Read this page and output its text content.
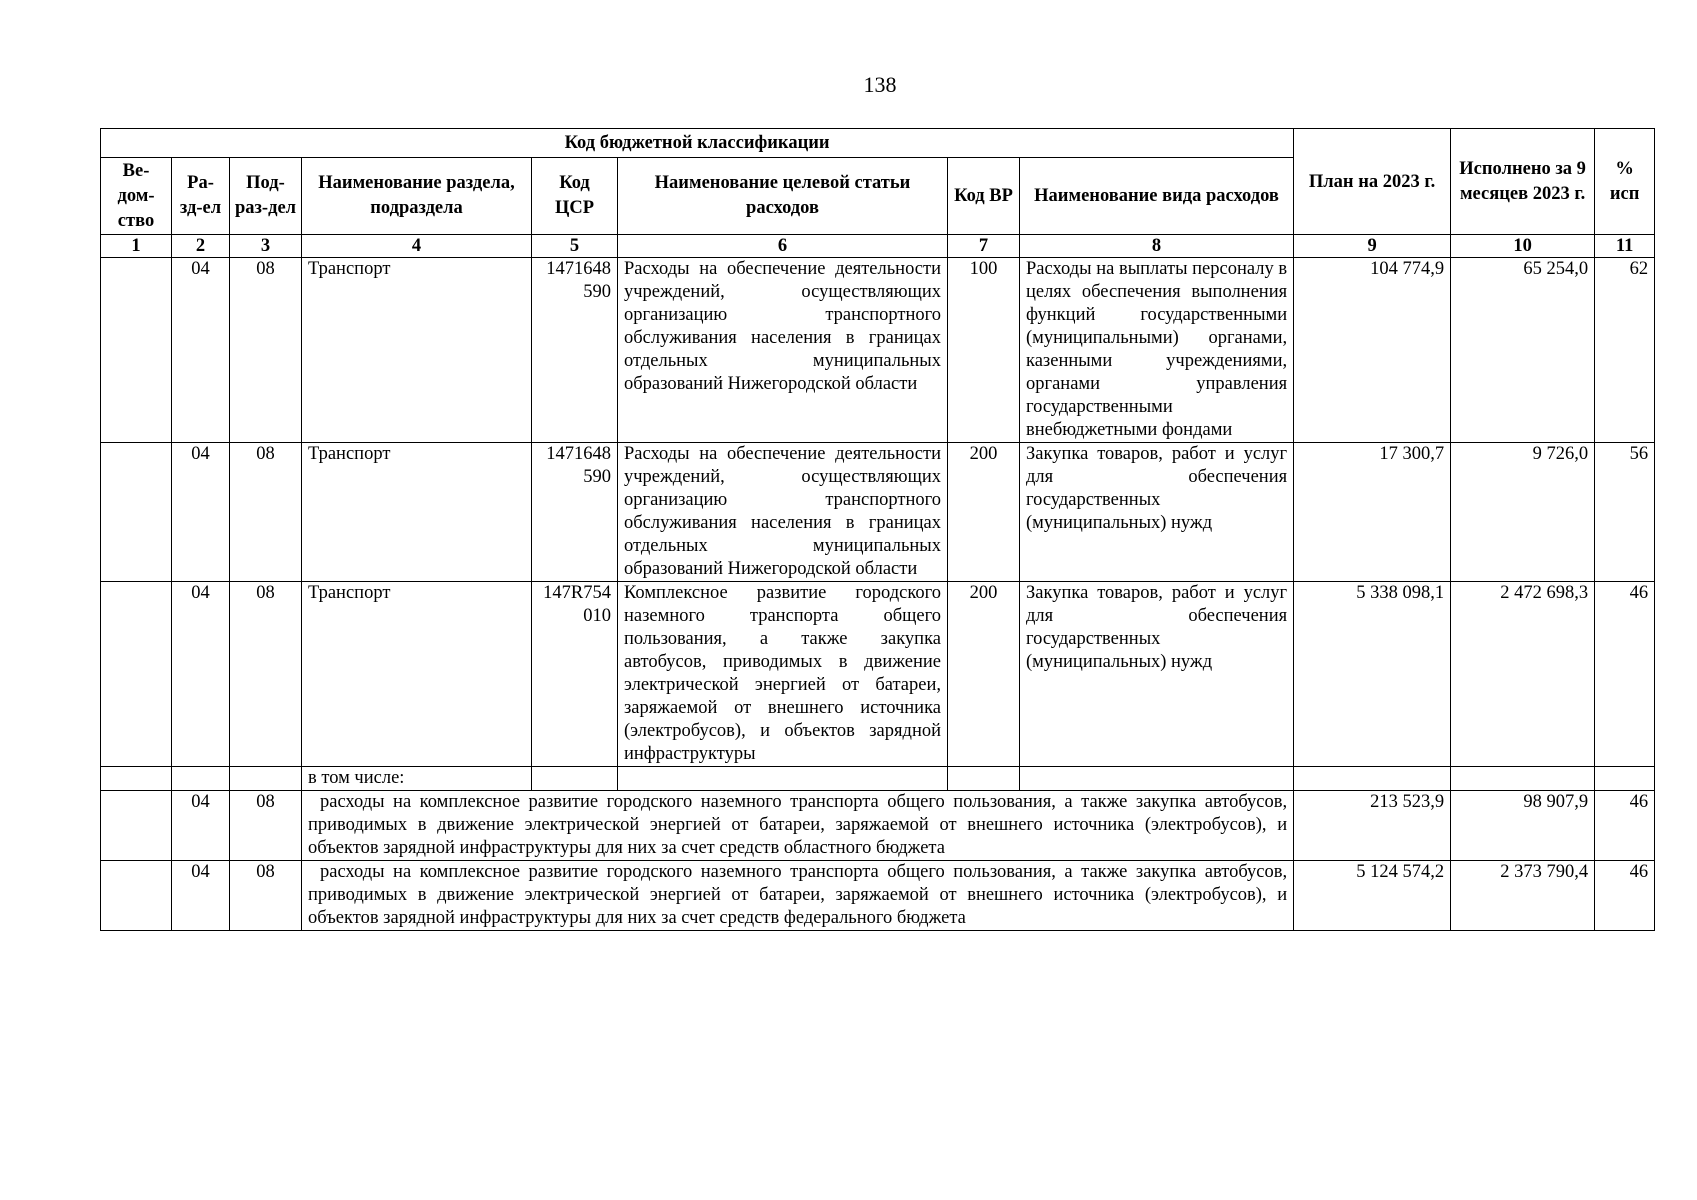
138
Код бюджетной классификации								План на 2023 г.	Исполнено за 9 месяцев 2023 г.	% исп
Ве-дом-ство	Ра-зд-ел	Под-раз-дел	Наименование раздела, подраздела	Код ЦСР	Наименование целевой статьи расходов	Код ВР	Наименование вида расходов			
1	2	3	4	5	6	7	8	9	10	11
	04	08	Транспорт	1471648590	Расходы на обеспечение деятельности учреждений, осуществляющих организацию транспортного обслуживания населения в границах отдельных муниципальных образований Нижегородской области	100	Расходы на выплаты персоналу в целях обеспечения выполнения функций государственными (муниципальными) органами, казенными учреждениями, органами управления государственными внебюджетными фондами	104 774,9	65 254,0	62
	04	08	Транспорт	1471648590	Расходы на обеспечение деятельности учреждений, осуществляющих организацию транспортного обслуживания населения в границах отдельных муниципальных образований Нижегородской области	200	Закупка товаров, работ и услуг для обеспечения государственных (муниципальных) нужд	17 300,7	9 726,0	56
	04	08	Транспорт	147R754010	Комплексное развитие городского наземного транспорта общего пользования, а также закупка автобусов, приводимых в движение электрической энергией от батареи, заряжаемой от внешнего источника (электробусов), и объектов зарядной инфраструктуры	200	Закупка товаров, работ и услуг для обеспечения государственных (муниципальных) нужд	5 338 098,1	2 472 698,3	46
			в том числе:							
	04	08	расходы на комплексное развитие городского наземного транспорта общего пользования, а также закупка автобусов, приводимых в движение электрической энергией от батареи, заряжаемой от внешнего источника (электробусов), и объектов зарядной инфраструктуры для них за счет средств областного бюджета					213 523,9	98 907,9	46
	04	08	расходы на комплексное развитие городского наземного транспорта общего пользования, а также закупка автобусов, приводимых в движение электрической энергией от батареи, заряжаемой от внешнего источника (электробусов), и объектов зарядной инфраструктуры для них за счет средств федерального бюджета					5 124 574,2	2 373 790,4	46
